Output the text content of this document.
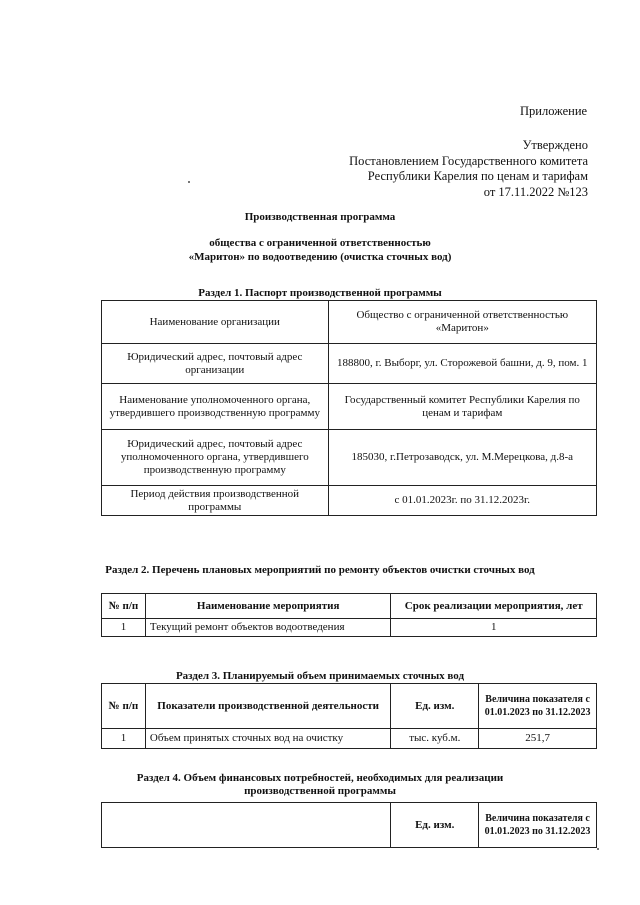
Приложение
Утверждено
Постановлением Государственного комитета
Республики Карелия по ценам и тарифам
от 17.11.2022 №123
Производственная программа
общества с ограниченной ответственностью
«Маритон» по водоотведению (очистка сточных вод)
Раздел 1. Паспорт производственной программы
Наименование организации	Общество с ограниченной ответственностью «Маритон»
Юридический адрес, почтовый адрес организации	188800, г. Выборг, ул. Сторожевой башни, д. 9, пом. 1
Наименование уполномоченного органа, утвердившего производственную программу	Государственный комитет Республики Карелия по ценам и тарифам
Юридический адрес, почтовый адрес уполномоченного органа, утвердившего производственную программу	185030, г.Петрозаводск, ул. М.Мерецкова, д.8-а
Период действия производственной программы	с 01.01.2023г. по 31.12.2023г.
Раздел 2. Перечень плановых мероприятий по ремонту объектов очистки сточных вод
№ п/п	Наименование мероприятия	Срок реализации мероприятия, лет
1	Текущий ремонт объектов водоотведения	1
Раздел 3. Планируемый объем принимаемых сточных вод
№ п/п	Показатели производственной деятельности	Ед. изм.	Величина показателя с 01.01.2023 по 31.12.2023
1	Объем принятых сточных вод на очистку	тыс. куб.м.	251,7
Раздел 4. Объем финансовых потребностей, необходимых для реализации производственной программы
	Ед. изм.	Величина показателя с 01.01.2023 по 31.12.2023
